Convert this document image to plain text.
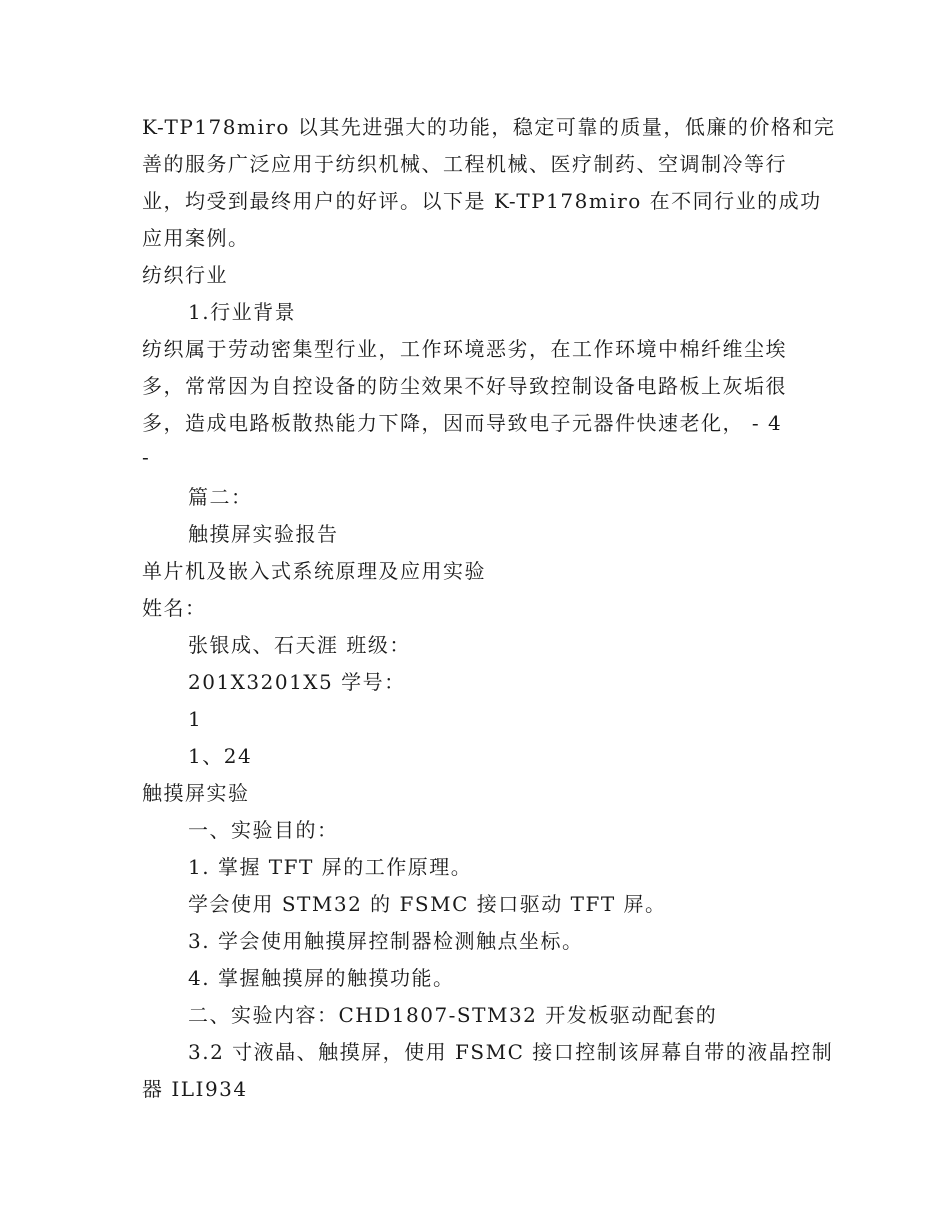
K-TP178miro 以其先进强大的功能，稳定可靠的质量，低廉的价格和完
善的服务广泛应用于纺织机械、工程机械、医疗制药、空调制冷等行
业，均受到最终用户的好评。以下是 K-TP178miro 在不同行业的成功
应用案例。
纺织行业
1.行业背景
纺织属于劳动密集型行业，工作环境恶劣，在工作环境中棉纤维尘埃
多，常常因为自控设备的防尘效果不好导致控制设备电路板上灰垢很
多，造成电路板散热能力下降，因而导致电子元器件快速老化， - 4
-
篇二：
触摸屏实验报告
单片机及嵌入式系统原理及应用实验
姓名：
张银成、石天涯 班级：
201X3201X5 学号：
1
1、24
触摸屏实验
一、实验目的：
1. 掌握 TFT 屏的工作原理。
学会使用 STM32 的 FSMC 接口驱动 TFT 屏。
3. 学会使用触摸屏控制器检测触点坐标。
4. 掌握触摸屏的触摸功能。
二、实验内容：CHD1807-STM32 开发板驱动配套的
3.2 寸液晶、触摸屏，使用 FSMC 接口控制该屏幕自带的液晶控制
器 ILI934
